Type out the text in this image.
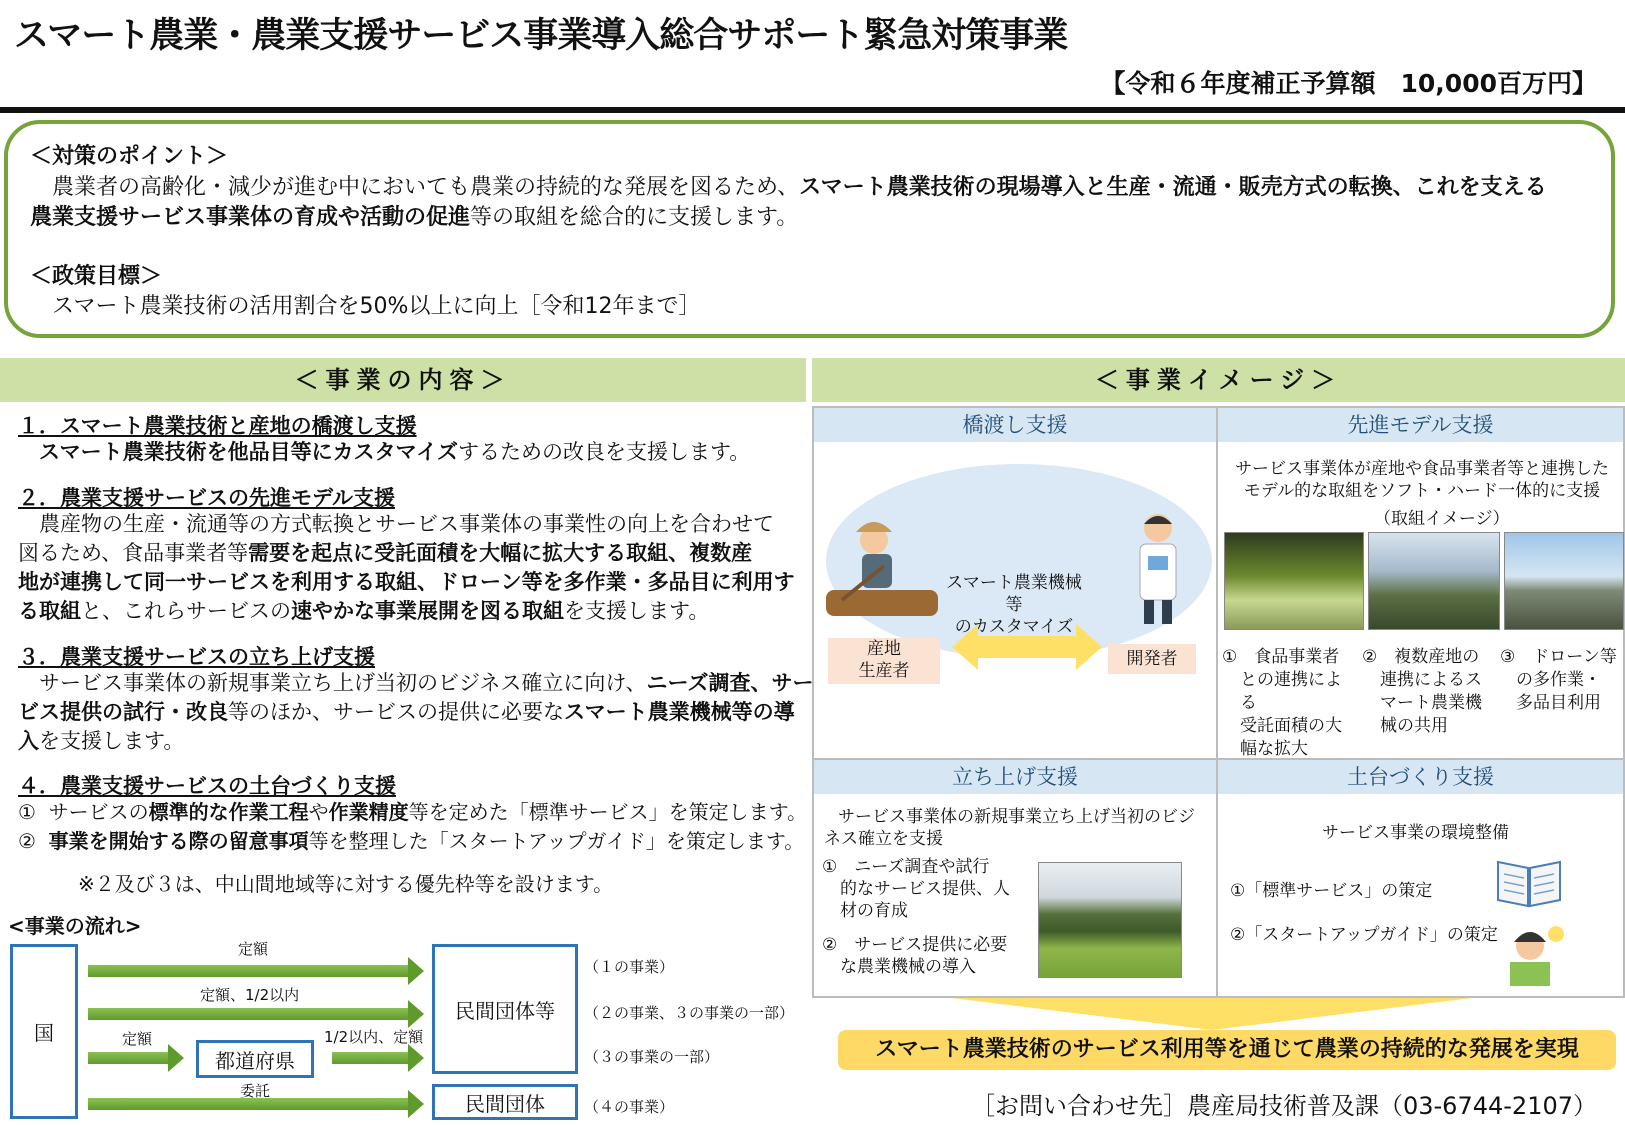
スマート農業・農業支援サービス事業導入総合サポート緊急対策事業
【令和６年度補正予算額　10,000百万円】
＜対策のポイント＞
　農業者の高齢化・減少が進む中においても農業の持続的な発展を図るため、スマート農業技術の現場導入と生産・流通・販売方式の転換、これを支える
農業支援サービス事業体の育成や活動の促進等の取組を総合的に支援します。
＜政策目標＞
　スマート農業技術の活用割合を50%以上に向上［令和12年まで］
＜事業の内容＞
１．スマート農業技術と産地の橋渡し支援
　スマート農業技術を他品目等にカスタマイズするための改良を支援します。
２．農業支援サービスの先進モデル支援
　農産物の生産・流通等の方式転換とサービス事業体の事業性の向上を合わせて
図るため、食品事業者等需要を起点に受託面積を大幅に拡大する取組、複数産
地が連携して同一サービスを利用する取組、ドローン等を多作業・多品目に利用す
る取組と、これらサービスの速やかな事業展開を図る取組を支援します。
３．農業支援サービスの立ち上げ支援
　サービス事業体の新規事業立ち上げ当初のビジネス確立に向け、ニーズ調査、サー
ビス提供の試行・改良等のほか、サービスの提供に必要なスマート農業機械等の導
入を支援します。
４．農業支援サービスの土台づくり支援
① サービスの標準的な作業工程や作業精度等を定めた「標準サービス」を策定します。
② 事業を開始する際の留意事項等を整理した「スタートアップガイド」を策定します。
※２及び３は、中山間地域等に対する優先枠等を設けます。
<事業の流れ>
国
都道府県
民間団体等
民間団体
定額
定額、1/2以内
定額	1/2以内、定額
委託
（１の事業）
（２の事業、３の事業の一部）
（３の事業の一部）
（４の事業）
＜事業イメージ＞
橋渡し支援
スマート農業機械等
のカスタマイズ
産地
生産者
開発者
先進モデル支援
サービス事業体が産地や食品事業者等と連携した
モデル的な取組をソフト・ハード一体的に支援
（取組イメージ）
①　食品事業者
との連携による
受託面積の大
幅な拡大
②　複数産地の
連携によるス
マート農業機
械の共用
③　ドローン等
の多作業・
多品目利用
立ち上げ支援
サービス事業体の新規事業立ち上げ当初のビジ
ネス確立を支援
①　ニーズ調査や試行
的なサービス提供、人
材の育成
②　サービス提供に必要
な農業機械の導入
土台づくり支援
サービス事業の環境整備
①「標準サービス」の策定
②「スタートアップガイド」の策定
スマート農業技術のサービス利用等を通じて農業の持続的な発展を実現
［お問い合わせ先］農産局技術普及課（03-6744-2107）
